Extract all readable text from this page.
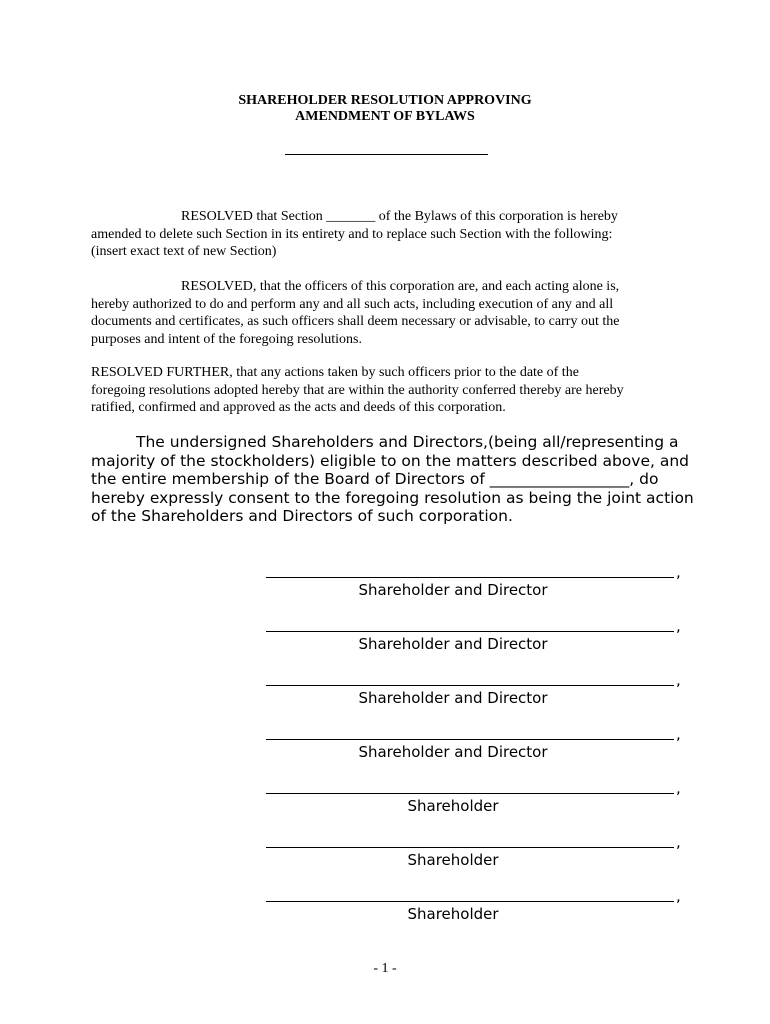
SHAREHOLDER RESOLUTION APPROVING
AMENDMENT OF BYLAWS
RESOLVED that Section _______ of the Bylaws of this corporation is hereby
amended to delete such Section in its entirety and to replace such Section with the following:
(insert exact text of new Section)
RESOLVED, that the officers of this corporation are, and each acting alone is,
hereby authorized to do and perform any and all such acts, including execution of any and all
documents and certificates, as such officers shall deem necessary or advisable, to carry out the
purposes and intent of the foregoing resolutions.
RESOLVED FURTHER, that any actions taken by such officers prior to the date of the
foregoing resolutions adopted hereby that are within the authority conferred thereby are hereby
ratified, confirmed and approved as the acts and deeds of this corporation.
The undersigned Shareholders and Directors,(being all/representing a
majority of the stockholders) eligible to on the matters described above, and
the entire membership of the Board of Directors of __________________, do
hereby expressly consent to the foregoing resolution as being the joint action
of the Shareholders and Directors of such corporation.
,
Shareholder and Director
,
Shareholder and Director
,
Shareholder and Director
,
Shareholder and Director
,
Shareholder
,
Shareholder
,
Shareholder
- 1 -
